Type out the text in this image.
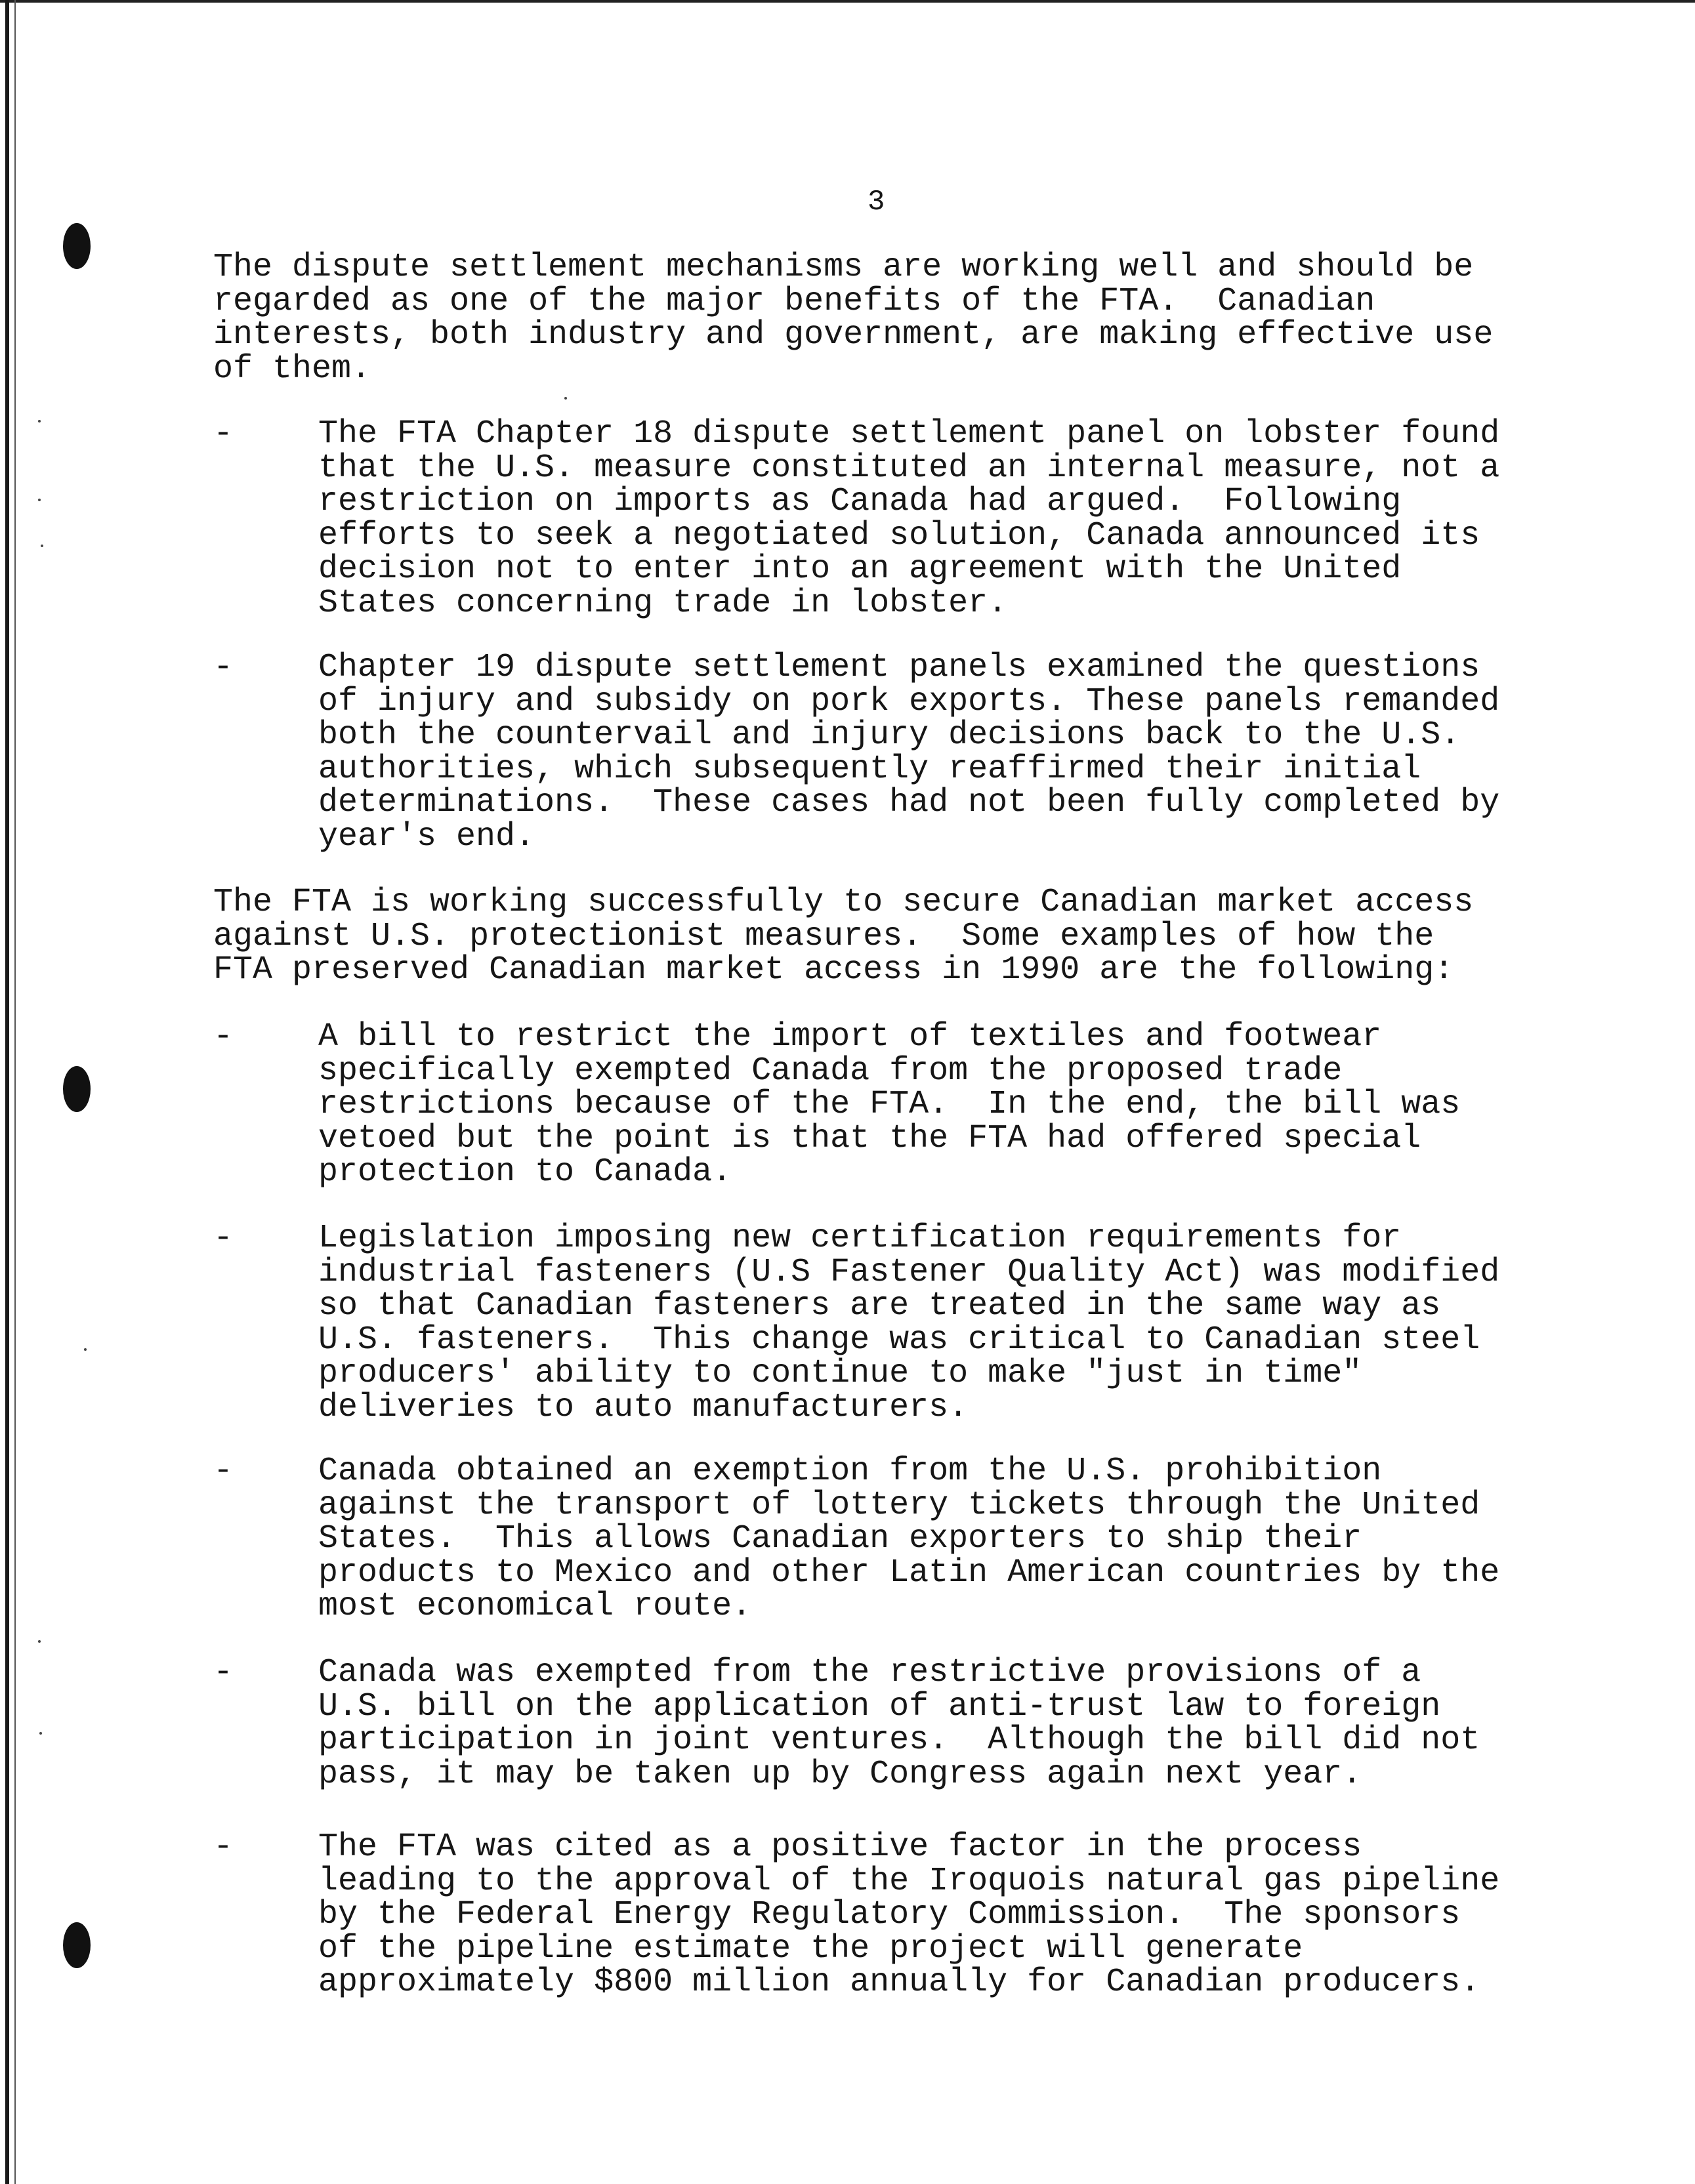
3

The dispute settlement mechanisms are working well and should be
regarded as one of the major benefits of the FTA.  Canadian
interests, both industry and government, are making effective use
of them.

-	The FTA Chapter 18 dispute settlement panel on lobster found
that the U.S. measure constituted an internal measure, not a
restriction on imports as Canada had argued.  Following
efforts to seek a negotiated solution, Canada announced its
decision not to enter into an agreement with the United
States concerning trade in lobster.

-	Chapter 19 dispute settlement panels examined the questions
of injury and subsidy on pork exports. These panels remanded
both the countervail and injury decisions back to the U.S.
authorities, which subsequently reaffirmed their initial
determinations.  These cases had not been fully completed by
year's end.

The FTA is working successfully to secure Canadian market access
against U.S. protectionist measures.  Some examples of how the
FTA preserved Canadian market access in 1990 are the following:

-	A bill to restrict the import of textiles and footwear
specifically exempted Canada from the proposed trade
restrictions because of the FTA.  In the end, the bill was
vetoed but the point is that the FTA had offered special
protection to Canada.

-	Legislation imposing new certification requirements for
industrial fasteners (U.S Fastener Quality Act) was modified
so that Canadian fasteners are treated in the same way as
U.S. fasteners.  This change was critical to Canadian steel
producers' ability to continue to make "just in time"
deliveries to auto manufacturers.

-	Canada obtained an exemption from the U.S. prohibition
against the transport of lottery tickets through the United
States.  This allows Canadian exporters to ship their
products to Mexico and other Latin American countries by the
most economical route.

-	Canada was exempted from the restrictive provisions of a
U.S. bill on the application of anti-trust law to foreign
participation in joint ventures.  Although the bill did not
pass, it may be taken up by Congress again next year.

-	The FTA was cited as a positive factor in the process
leading to the approval of the Iroquois natural gas pipeline
by the Federal Energy Regulatory Commission.  The sponsors
of the pipeline estimate the project will generate
approximately $800 million annually for Canadian producers.
